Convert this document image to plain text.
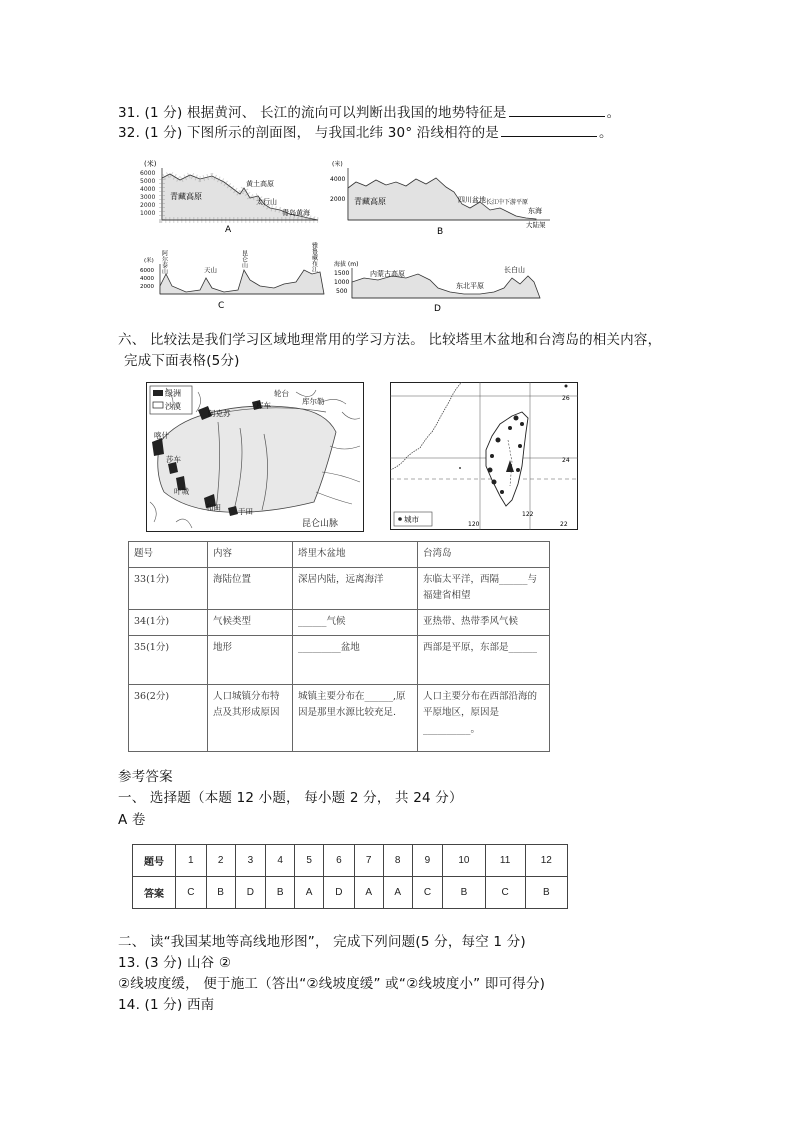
31. (1 分) 根据黄河、 长江的流向可以判断出我国的地势特征是	。
32. (1 分) 下图所示的剖面图， 与我国北纬 30° 沿线相符的是	。
(米)
6000
5000
4000
3000
2000
1000
青藏高原
黄土高原
太行山
青岛黄海
A
(米)
4000
2000 青藏高原	四川盆地 长江中下游平原
东海
大陆架
B
(米)
6000
4000
2000
阿尔泰山	天山
昆仑山	雅鲁藏布江
C
海拔 (m)
1500
1000
500
内蒙古高原
东北平原
长白山
D
六、 比较法是我们学习区域地理常用的学习方法。 比较塔里木盆地和台湾岛的相关内容，
完成下面表格(5分)
绿洲
沙漠
阿克苏
库车
轮台
库尔勒
喀什
莎车
叶城
和田 于田
昆仑山脉
26
24
22
120
122
城市
题号	内容	塔里木盆地	台湾岛
33(1分)	海陆位置	深居内陆，远离海洋	东临太平洋，西隔______与福建省相望
34(1分)	气候类型	______气候	亚热带、热带季风气候
35(1分)	地形	_________盆地	西部是平原，东部是______
36(2分)	人口城镇分布特点及其形成原因	城镇主要分布在______,原因是那里水源比较充足.	人口主要分布在西部沿海的平原地区，原因是__________。
参考答案
一、 选择题（本题 12 小题， 每小题 2 分， 共 24 分）
A 卷
题号	1	2	3	4	5	6	7	8	9	10	11	12
答案	C	B	D	B	A	D	A	A	C	B	C	B
二、 读“我国某地等高线地形图”， 完成下列问题(5 分，每空 1 分)
13. (3 分) 山谷 ②
②线坡度缓， 便于施工（答出“②线坡度缓” 或“②线坡度小” 即可得分)
14. (1 分) 西南
